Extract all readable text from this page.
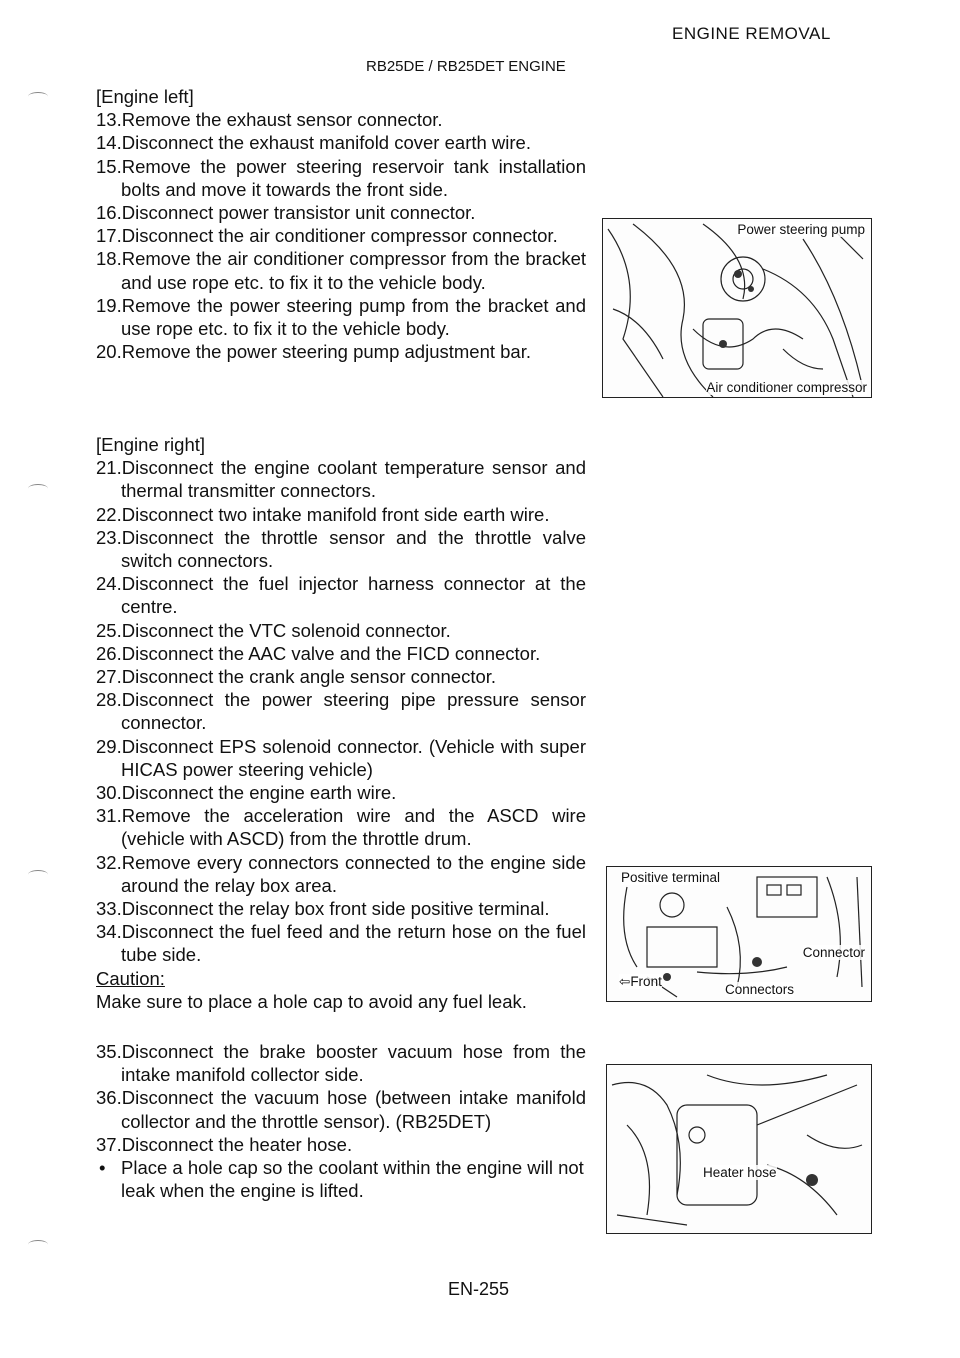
ENGINE REMOVAL
RB25DE / RB25DET ENGINE

[Engine left]

13.Remove the exhaust sensor connector.

14.Disconnect the exhaust manifold cover earth wire.

15.Remove the power steering reservoir tank installation bolts and move it towards the front side.

16.Disconnect power transistor unit connector.

17.Disconnect the air conditioner compressor connector.

18.Remove the air conditioner compressor from the bracket and use rope etc. to fix it to the vehicle body.

19.Remove the power steering pump from the bracket and use rope etc. to fix it to the vehicle body.

20.Remove the power steering pump adjustment bar.

[Engine right]

21.Disconnect the engine coolant temperature sensor and thermal transmitter connectors.

22.Disconnect two intake manifold front side earth wire.

23.Disconnect the throttle sensor and the throttle valve switch connectors.

24.Disconnect the fuel injector harness connector at the centre.

25.Disconnect the VTC solenoid connector.

26.Disconnect the AAC valve and the FICD connector.

27.Disconnect the crank angle sensor connector.

28.Disconnect the power steering pipe pressure sensor connector.

29.Disconnect EPS solenoid connector. (Vehicle with super HICAS power steering vehicle)

30.Disconnect the engine earth wire.

31.Remove the acceleration wire and the ASCD wire (vehicle with ASCD) from the throttle drum.

32.Remove every connectors connected to the engine side around the relay box area.

33.Disconnect the relay box front side positive terminal.

34.Disconnect the fuel feed and the return hose on the fuel tube side.

Caution:

Make sure to place a hole cap to avoid any fuel leak.

35.Disconnect the brake booster vacuum hose from the intake manifold collector side.

36.Disconnect the vacuum hose (between intake manifold collector and the throttle sensor). (RB25DET)

37.Disconnect the heater hose.

• Place a hole cap so the coolant within the engine will not leak when the engine is lifted.

Power steering pump
Air conditioner compressor
Positive terminal
Connector
⇦Front
Connectors
Heater hose
EN-255
